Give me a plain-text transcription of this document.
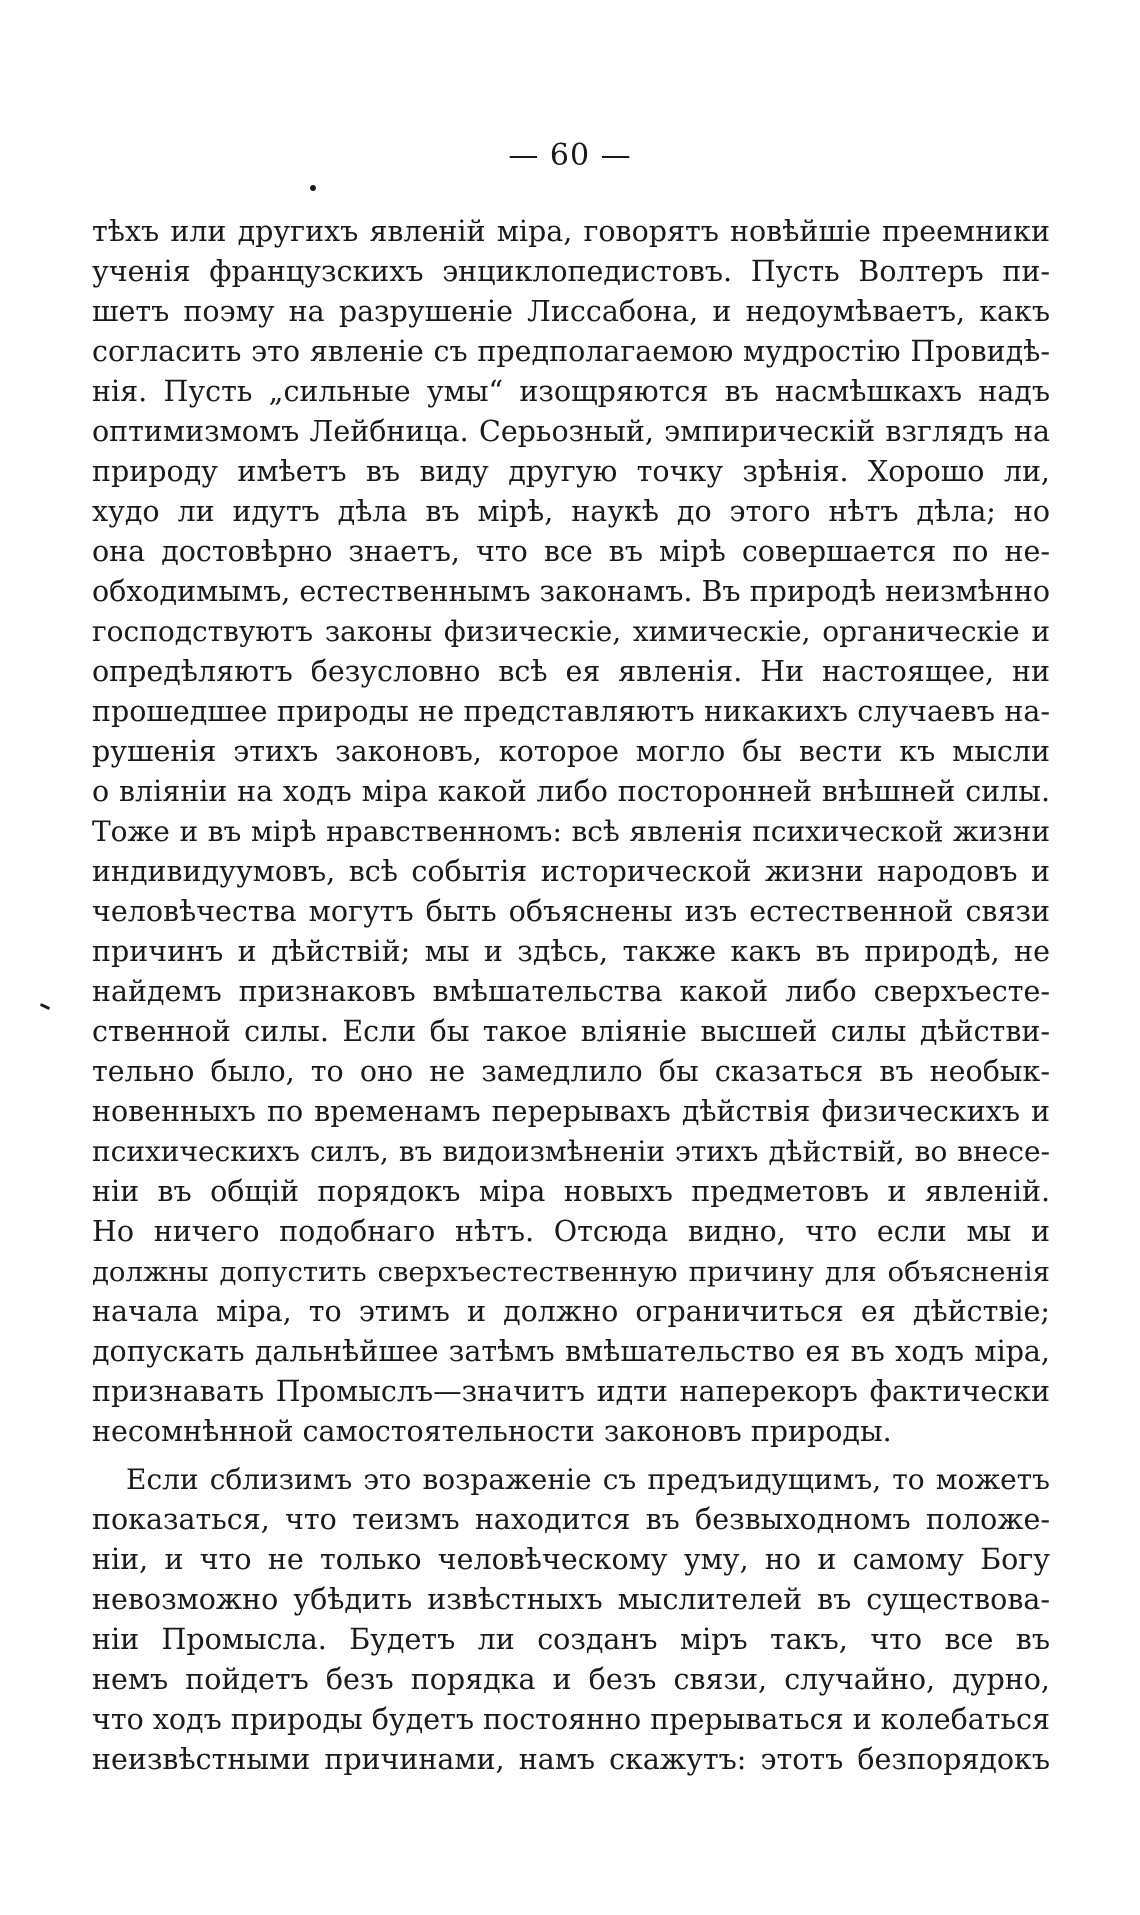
— 60 —
тѣхъ или другихъ явленій міра, говорятъ новѣйшіе преемники
ученія французскихъ энциклопедистовъ. Пусть Волтеръ пи-
шетъ поэму на разрушеніе Лиссабона, и недоумѣваетъ, какъ
согласить это явленіе съ предполагаемою мудростію Провидѣ-
нія. Пусть „сильные умы“ изощряются въ насмѣшкахъ надъ
оптимизмомъ Лейбница. Серьозный, эмпирическій взглядъ на
природу имѣетъ въ виду другую точку зрѣнія. Хорошо ли,
худо ли идутъ дѣла въ мірѣ, наукѣ до этого нѣтъ дѣла; но
она достовѣрно знаетъ, что все въ мірѣ совершается по не-
обходимымъ, естественнымъ законамъ. Въ природѣ неизмѣнно
господствуютъ законы физическіе, химическіе, органическіе и
опредѣляютъ безусловно всѣ ея явленія. Ни настоящее, ни
прошедшее природы не представляютъ никакихъ случаевъ на-
рушенія этихъ законовъ, которое могло бы вести къ мысли
о вліяніи на ходъ міра какой либо посторонней внѣшней силы.
Тоже и въ мірѣ нравственномъ: всѣ явленія психической жизни
индивидуумовъ, всѣ событія исторической жизни народовъ и
человѣчества могутъ быть объяснены изъ естественной связи
причинъ и дѣйствій; мы и здѣсь, также какъ въ природѣ, не
найдемъ признаковъ вмѣшательства какой либо сверхъесте-
ственной силы. Если бы такое вліяніе высшей силы дѣйстви-
тельно было, то оно не замедлило бы сказаться въ необык-
новенныхъ по временамъ перерывахъ дѣйствія физическихъ и
психическихъ силъ, въ видоизмѣненіи этихъ дѣйствій, во внесе-
ніи въ общій порядокъ міра новыхъ предметовъ и явленій.
Но ничего подобнаго нѣтъ. Отсюда видно, что если мы и
должны допустить сверхъестественную причину для объясненія
начала міра, то этимъ и должно ограничиться ея дѣйствіе;
допускать дальнѣйшее затѣмъ вмѣшательство ея въ ходъ міра,
признавать Промыслъ—значитъ идти наперекоръ фактически
несомнѣнной самостоятельности законовъ природы.
Если сблизимъ это возраженіе съ предъидущимъ, то можетъ
показаться, что теизмъ находится въ безвыходномъ положе-
ніи, и что не только человѣческому уму, но и самому Богу
невозможно убѣдить извѣстныхъ мыслителей въ существова-
ніи Промысла. Будетъ ли созданъ міръ такъ, что все въ
немъ пойдетъ безъ порядка и безъ связи, случайно, дурно,
что ходъ природы будетъ постоянно прерываться и колебаться
неизвѣстными причинами, намъ скажутъ: этотъ безпорядокъ
